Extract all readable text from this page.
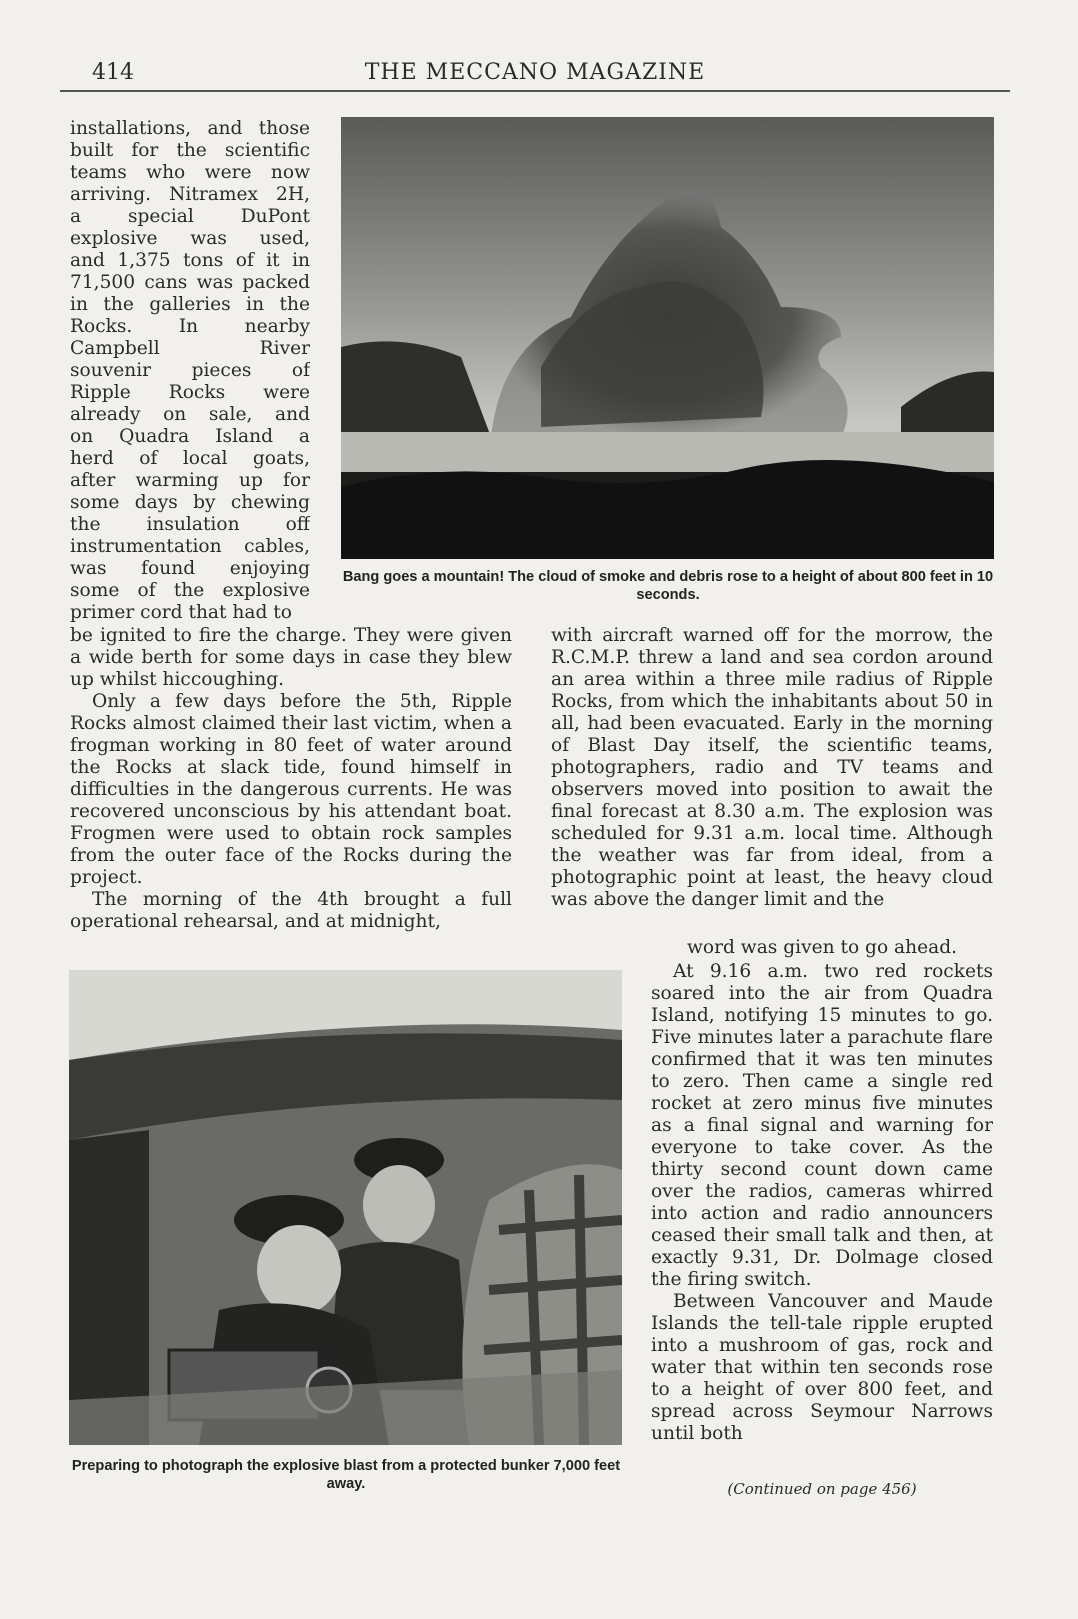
414	THE MECCANO MAGAZINE
installations, and those
built for the scientific
teams who were now
arriving. Nitramex 2H,
a special DuPont
explosive was used,
and 1,375 tons of it in
71,500 cans was packed
in the galleries in the
Rocks. In nearby
Campbell River
souvenir pieces of
Ripple Rocks were
already on sale, and
on Quadra Island a
herd of local goats,
after warming up for
some days by chewing
the insulation off
instrumentation cables,
was found enjoying
some of the explosive
primer cord that had to
Bang goes a mountain! The cloud of smoke and debris rose to a height of about 800 feet in 10 seconds.

be ignited to fire the charge. They were given a wide berth for some days in case they blew up whilst hiccoughing.

Only a few days before the 5th, Ripple Rocks almost claimed their last victim, when a frogman working in 80 feet of water around the Rocks at slack tide, found himself in difficulties in the dangerous currents. He was recovered unconscious by his attendant boat. Frogmen were used to obtain rock samples from the outer face of the Rocks during the project.

The morning of the 4th brought a full operational rehearsal, and at midnight,

with aircraft warned off for the morrow, the R.C.M.P. threw a land and sea cordon around an area within a three mile radius of Ripple Rocks, from which the inhabitants about 50 in all, had been evacuated. Early in the morning of Blast Day itself, the scientific teams, photographers, radio and TV teams and observers moved into position to await the final forecast at 8.30 a.m. The explosion was scheduled for 9.31 a.m. local time. Although the weather was far from ideal, from a photographic point at least, the heavy cloud was above the danger limit and the

word was given to go ahead.

Preparing to photograph the explosive blast from a protected bunker 7,000 feet away.

At 9.16 a.m. two red rockets soared into the air from Quadra Island, notifying 15 minutes to go. Five minutes later a parachute flare confirmed that it was ten minutes to zero. Then came a single red rocket at zero minus five minutes as a final signal and warning for everyone to take cover. As the thirty second count down came over the radios, cameras whirred into action and radio announcers ceased their small talk and then, at exactly 9.31, Dr. Dolmage closed the firing switch.

Between Vancouver and Maude Islands the tell-tale ripple erupted into a mushroom of gas, rock and water that within ten seconds rose to a height of over 800 feet, and spread across Seymour Narrows until both

(Continued on page 456)
